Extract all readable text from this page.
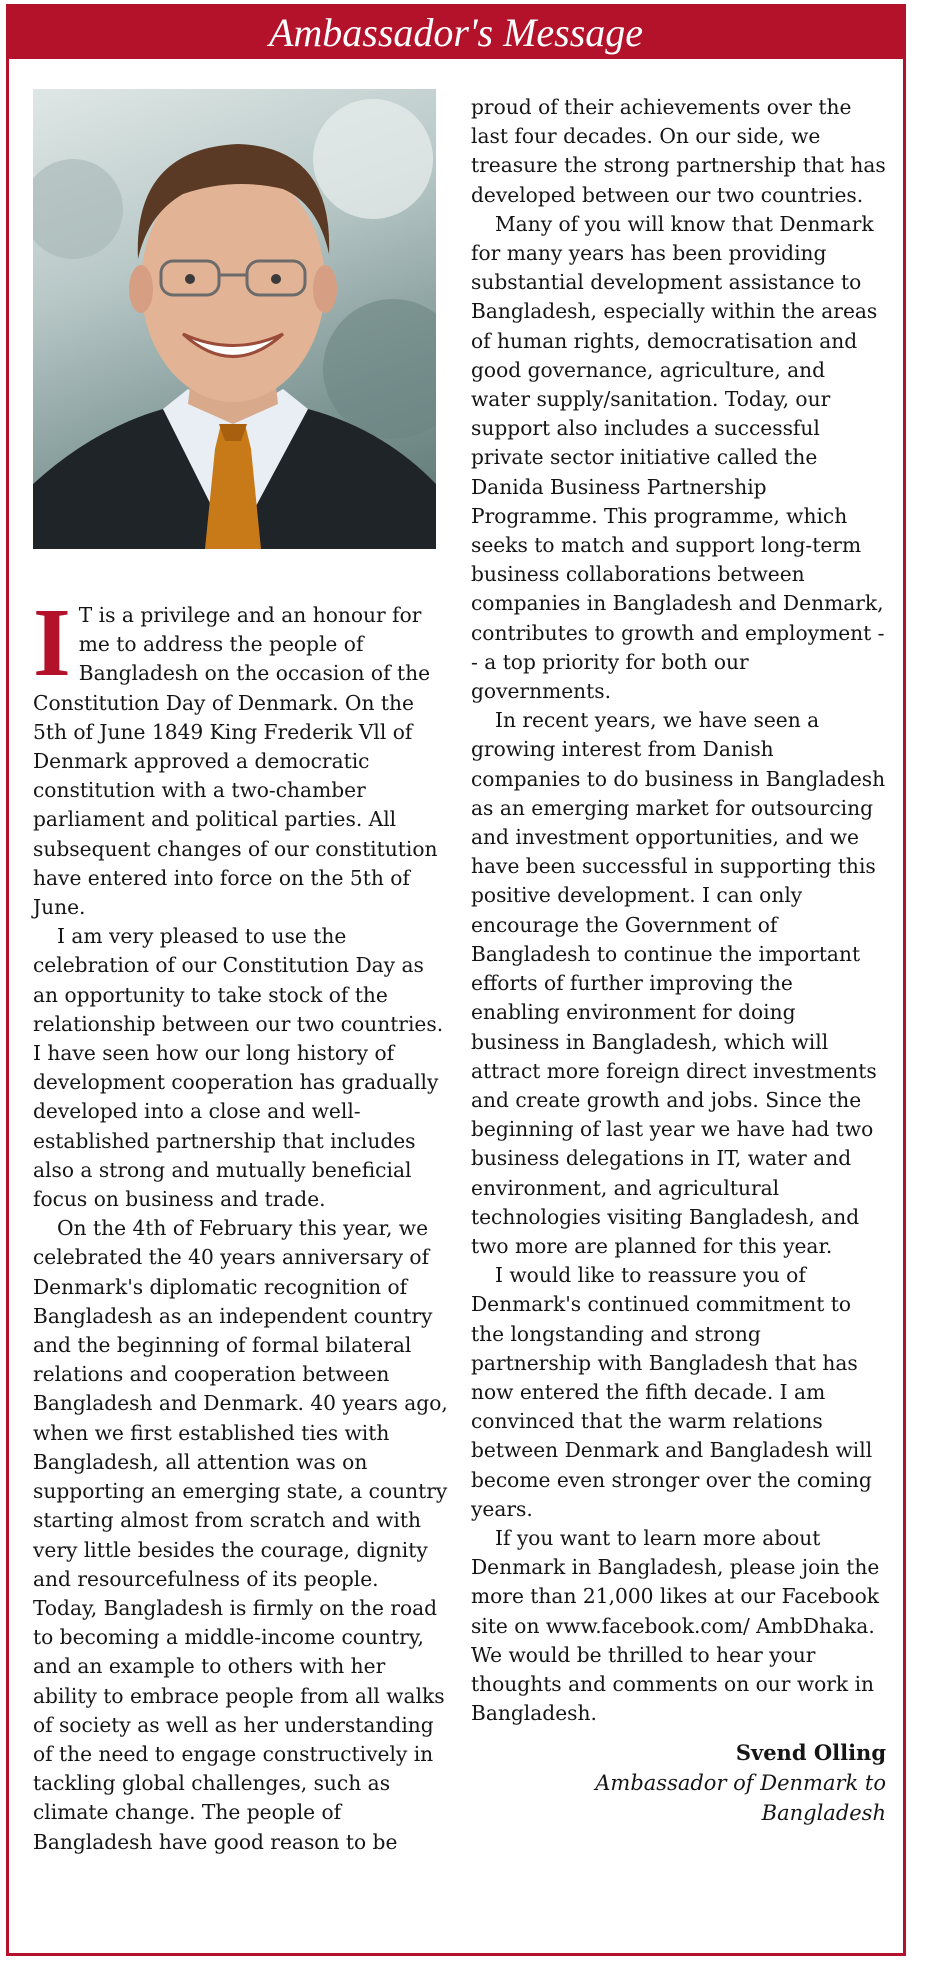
Ambassador's Message

I T is a privilege and an honour for me to address the people of Bangladesh on the occasion of the Constitution Day of Denmark. On the 5th of June 1849 King Frederik Vll of Denmark approved a democratic constitution with a two-chamber parliament and political parties. All subsequent changes of our constitution have entered into force on the 5th of June.

I am very pleased to use the celebration of our Constitution Day as an opportunity to take stock of the relationship between our two countries. I have seen how our long history of development cooperation has gradually developed into a close and well-established partnership that includes also a strong and mutually beneficial focus on business and trade.

On the 4th of February this year, we celebrated the 40 years anniversary of Denmark's diplomatic recognition of Bangladesh as an independent country and the beginning of formal bilateral relations and cooperation between Bangladesh and Denmark. 40 years ago, when we first established ties with Bangladesh, all attention was on supporting an emerging state, a country starting almost from scratch and with very little besides the courage, dignity and resourcefulness of its people. Today, Bangladesh is firmly on the road to becoming a middle-income country, and an example to others with her ability to embrace people from all walks of society as well as her understanding of the need to engage constructively in tackling global challenges, such as climate change. The people of Bangladesh have good reason to be

proud of their achievements over the last four decades. On our side, we treasure the strong partnership that has developed between our two countries.

Many of you will know that Denmark for many years has been providing substantial development assistance to Bangladesh, especially within the areas of human rights, democratisation and good governance, agriculture, and water supply/sanitation. Today, our support also includes a successful private sector initiative called the Danida Business Partnership Programme. This programme, which seeks to match and support long-term business collaborations between companies in Bangladesh and Denmark, contributes to growth and employment -- a top priority for both our governments.

In recent years, we have seen a growing interest from Danish companies to do business in Bangladesh as an emerging market for outsourcing and investment opportunities, and we have been successful in supporting this positive development. I can only encourage the Government of Bangladesh to continue the important efforts of further improving the enabling environment for doing business in Bangladesh, which will attract more foreign direct investments and create growth and jobs. Since the beginning of last year we have had two business delegations in IT, water and environment, and agricultural technologies visiting Bangladesh, and two more are planned for this year.

I would like to reassure you of Denmark's continued commitment to the longstanding and strong partnership with Bangladesh that has now entered the fifth decade. I am convinced that the warm relations between Denmark and Bangladesh will become even stronger over the coming years.

If you want to learn more about Denmark in Bangladesh, please join the more than 21,000 likes at our Facebook site on www.facebook.com/ AmbDhaka. We would be thrilled to hear your thoughts and comments on our work in Bangladesh.

Svend Olling
Ambassador of Denmark to
Bangladesh
